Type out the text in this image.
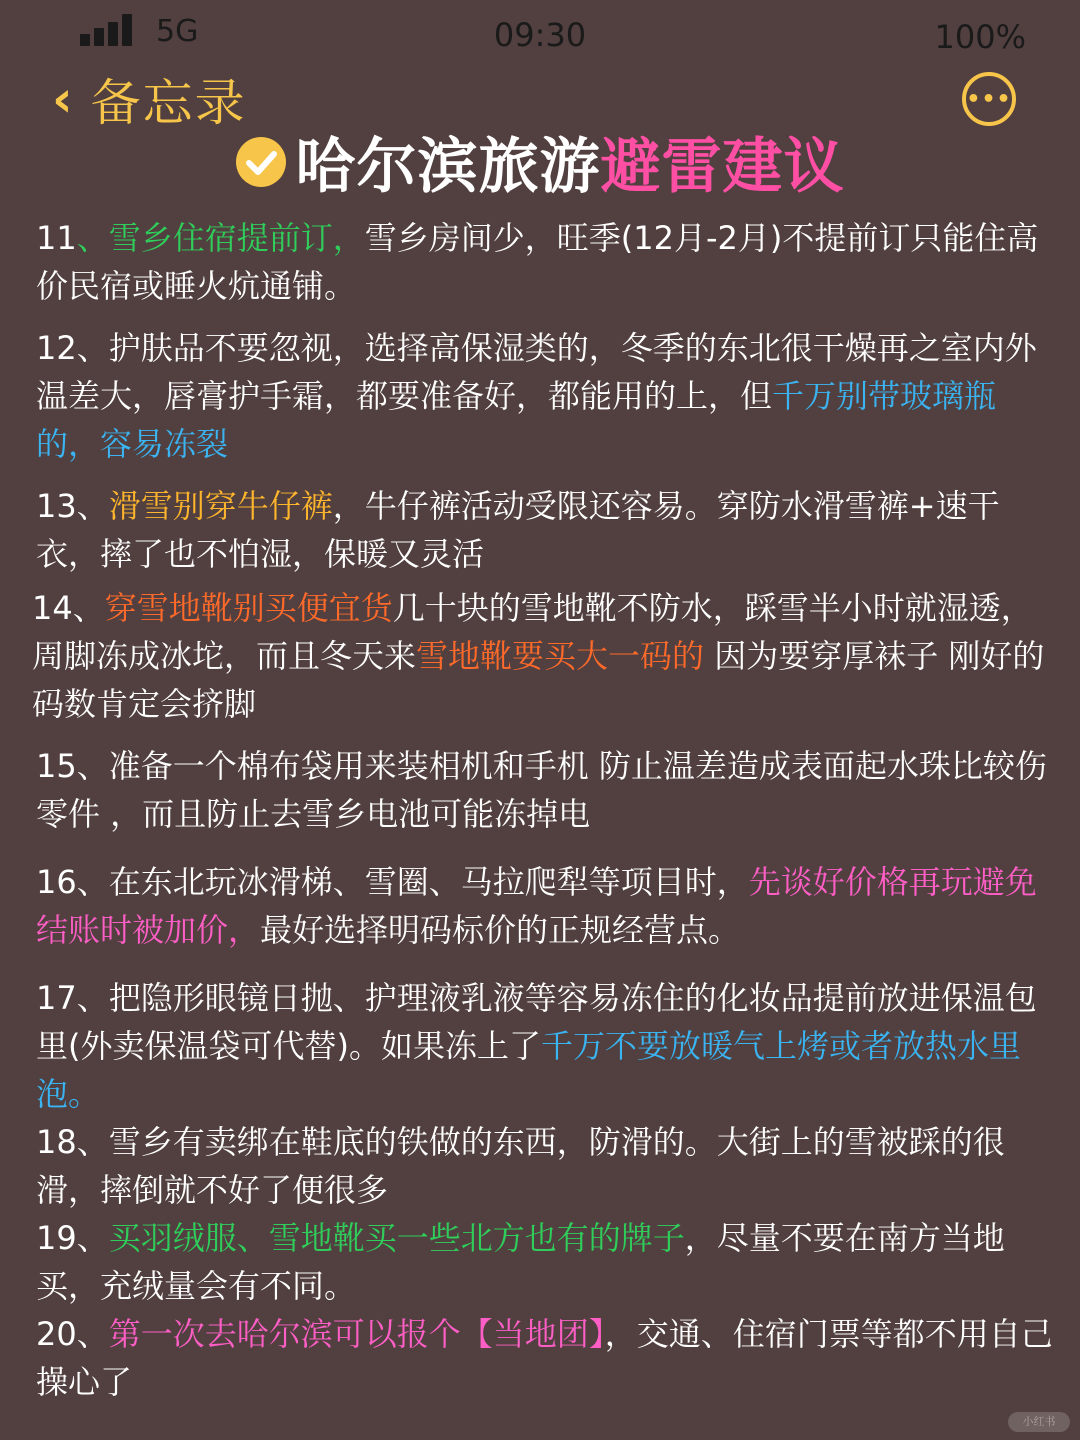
5G	09:30	100%
‹ 备忘录	•••
哈尔滨旅游 避雷建议

11、雪乡住宿提前订，雪乡房间少，旺季(12月-2月)不提前订只能住高价民宿或睡火炕通铺。

12、护肤品不要忽视，选择高保湿类的，冬季的东北很干燥再之室内外温差大，唇膏护手霜，都要准备好，都能用的上，但千万别带玻璃瓶的，容易冻裂

13、滑雪别穿牛仔裤，牛仔裤活动受限还容易。穿防水滑雪裤+速干衣，摔了也不怕湿，保暖又灵活

14、穿雪地靴别买便宜货几十块的雪地靴不防水，踩雪半小时就湿透，周脚冻成冰坨，而且冬天来雪地靴要买大一码的 因为要穿厚袜子 刚好的码数肯定会挤脚

15、准备一个棉布袋用来装相机和手机 防止温差造成表面起水珠比较伤零件 ，而且防止去雪乡电池可能冻掉电

16、在东北玩冰滑梯、雪圈、马拉爬犁等项目时，先谈好价格再玩避免结账时被加价，最好选择明码标价的正规经营点。

17、把隐形眼镜日抛、护理液乳液等容易冻住的化妆品提前放进保温包里(外卖保温袋可代替)。如果冻上了千万不要放暖气上烤或者放热水里泡。

18、雪乡有卖绑在鞋底的铁做的东西，防滑的。大街上的雪被踩的很滑，摔倒就不好了便很多

19、买羽绒服、雪地靴买一些北方也有的牌子，尽量不要在南方当地买，充绒量会有不同。

20、第一次去哈尔滨可以报个【当地团】，交通、住宿门票等都不用自己操心了

小红书
